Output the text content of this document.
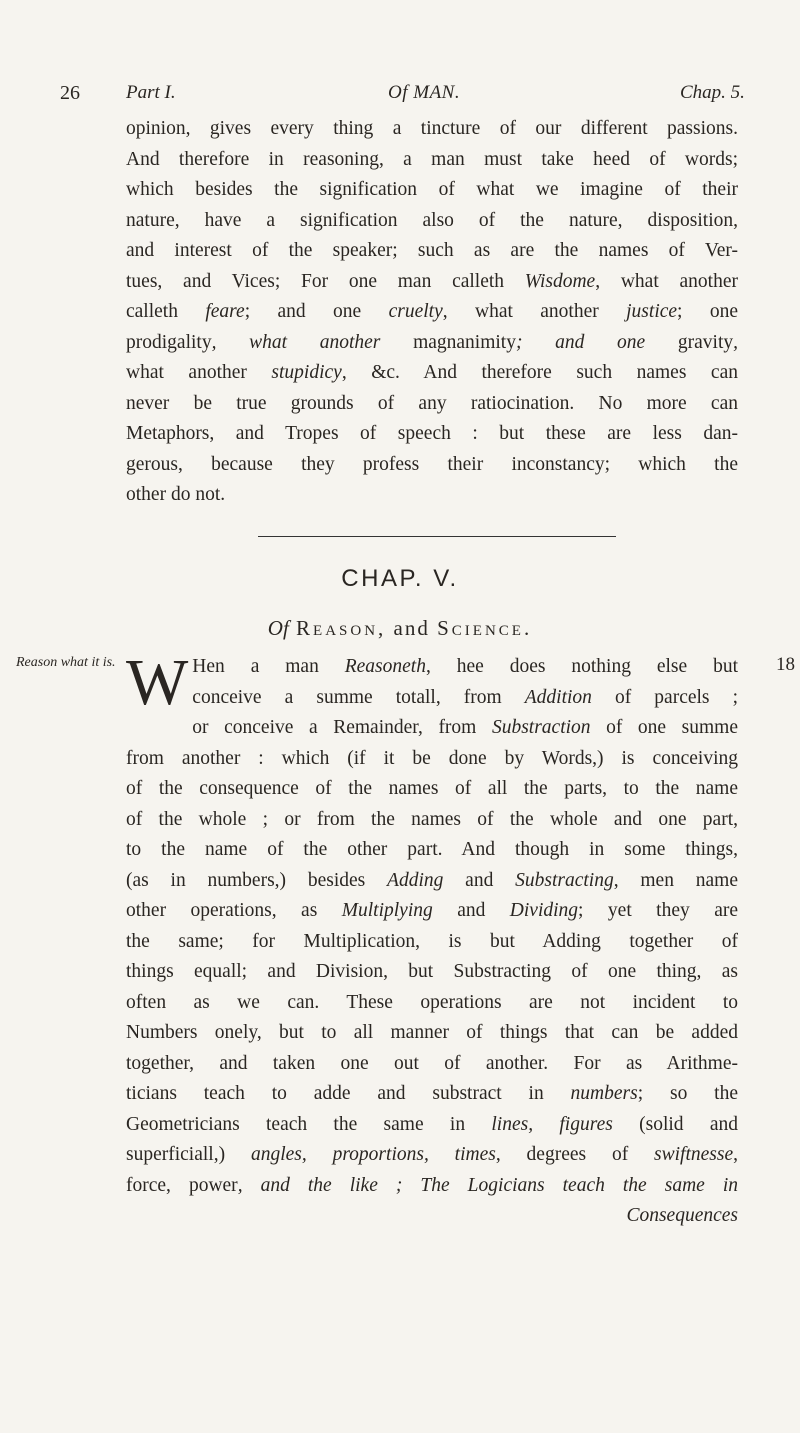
26 Part I.	Of MAN.	Chap. 5.
opinion, gives every thing a tincture of our different passions.
And therefore in reasoning, a man must take heed of words;
which besides the signification of what we imagine of their
nature, have a signification also of the nature, disposition,
and interest of the speaker; such as are the names of Ver-
tues, and Vices; For one man calleth Wisdome, what another
calleth feare; and one cruelty, what another justice; one
prodigality, what another magnanimity; and one gravity,
what another stupidicy, &c. And therefore such names can
never be true grounds of any ratiocination. No more can
Metaphors, and Tropes of speech : but these are less dan-
gerous, because they profess their inconstancy; which the
other do not.
CHAP. V.
Of Reason, and Science.
Reason what it is.	18
W Hen a man Reasoneth, hee does nothing else but
conceive a summe totall, from Addition of parcels ;
or conceive a Remainder, from Substraction of one summe
from another : which (if it be done by Words,) is conceiving
of the consequence of the names of all the parts, to the name
of the whole ; or from the names of the whole and one part,
to the name of the other part. And though in some things,
(as in numbers,) besides Adding and Substracting, men name
other operations, as Multiplying and Dividing; yet they are
the same; for Multiplication, is but Adding together of
things equall; and Division, but Substracting of one thing, as
often as we can. These operations are not incident to
Numbers onely, but to all manner of things that can be added
together, and taken one out of another. For as Arithme-
ticians teach to adde and substract in numbers; so the
Geometricians teach the same in lines, figures (solid and
superficiall,) angles, proportions, times, degrees of swiftnesse,
force, power, and the like ; The Logicians teach the same in
Consequences
